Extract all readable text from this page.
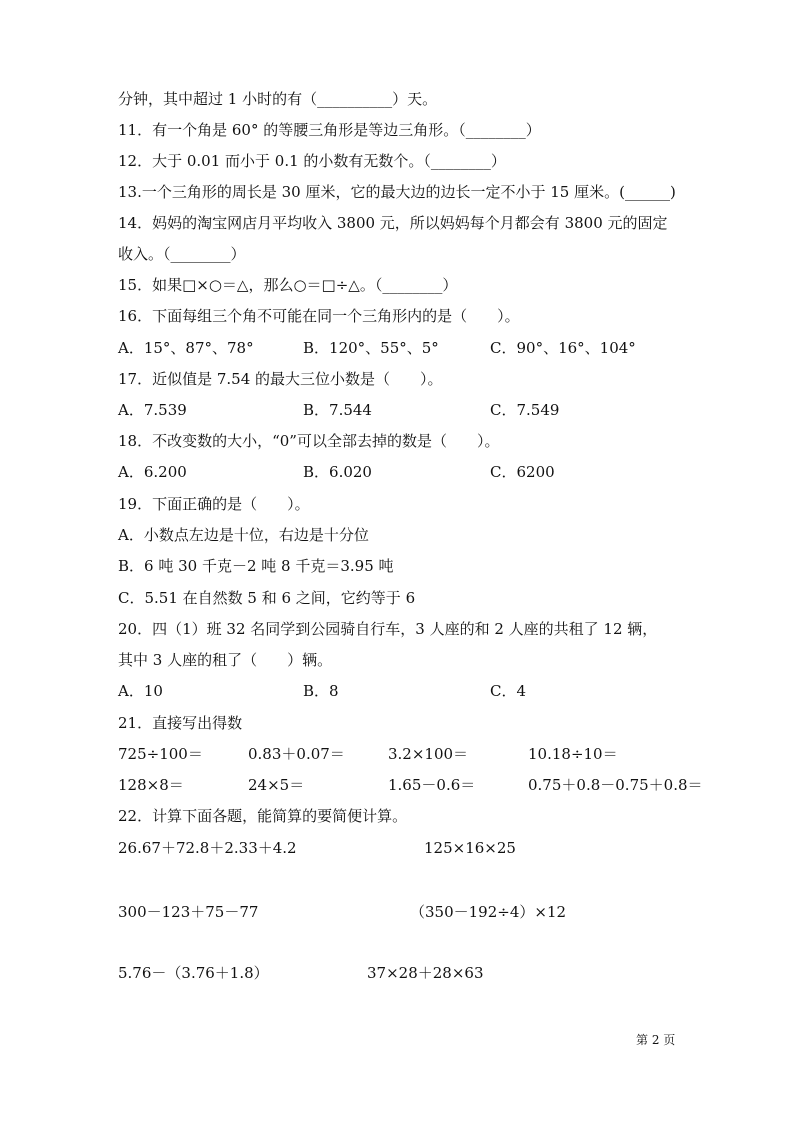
分钟，其中超过 1 小时的有（__________）天。
11．有一个角是 60° 的等腰三角形是等边三角形。（________）
12．大于 0.01 而小于 0.1 的小数有无数个。（________）
13.一个三角形的周长是 30 厘米，它的最大边的边长一定不小于 15 厘米。(______)
14．妈妈的淘宝网店月平均收入 3800 元，所以妈妈每个月都会有 3800 元的固定
收入。（________）
15．如果□×○＝△，那么○＝□÷△。（________）
16．下面每组三个角不可能在同一个三角形内的是（　　）。
A．15°、87°、78°	B．120°、55°、5°	C．90°、16°、104°
17．近似值是 7.54 的最大三位小数是（　　）。
A．7.539	B．7.544	C．7.549
18．不改变数的大小，“0”可以全部去掉的数是（　　）。
A．6.200	B．6.020	C．6200
19．下面正确的是（　　）。
A．小数点左边是十位，右边是十分位
B．6 吨 30 千克－2 吨 8 千克＝3.95 吨
C．5.51 在自然数 5 和 6 之间，它约等于 6
20．四（1）班 32 名同学到公园骑自行车，3 人座的和 2 人座的共租了 12 辆，
其中 3 人座的租了（　　）辆。
A．10	B．8	C．4
21．直接写出得数
725÷100＝	0.83＋0.07＝	3.2×100＝	10.18÷10＝
128×8＝	24×5＝	1.65－0.6＝	0.75＋0.8－0.75＋0.8＝
22．计算下面各题，能简算的要简便计算。
26.67＋72.8＋2.33＋4.2	125×16×25
300－123＋75－77	（350－192÷4）×12
5.76－（3.76＋1.8）	37×28＋28×63
第 2 页
